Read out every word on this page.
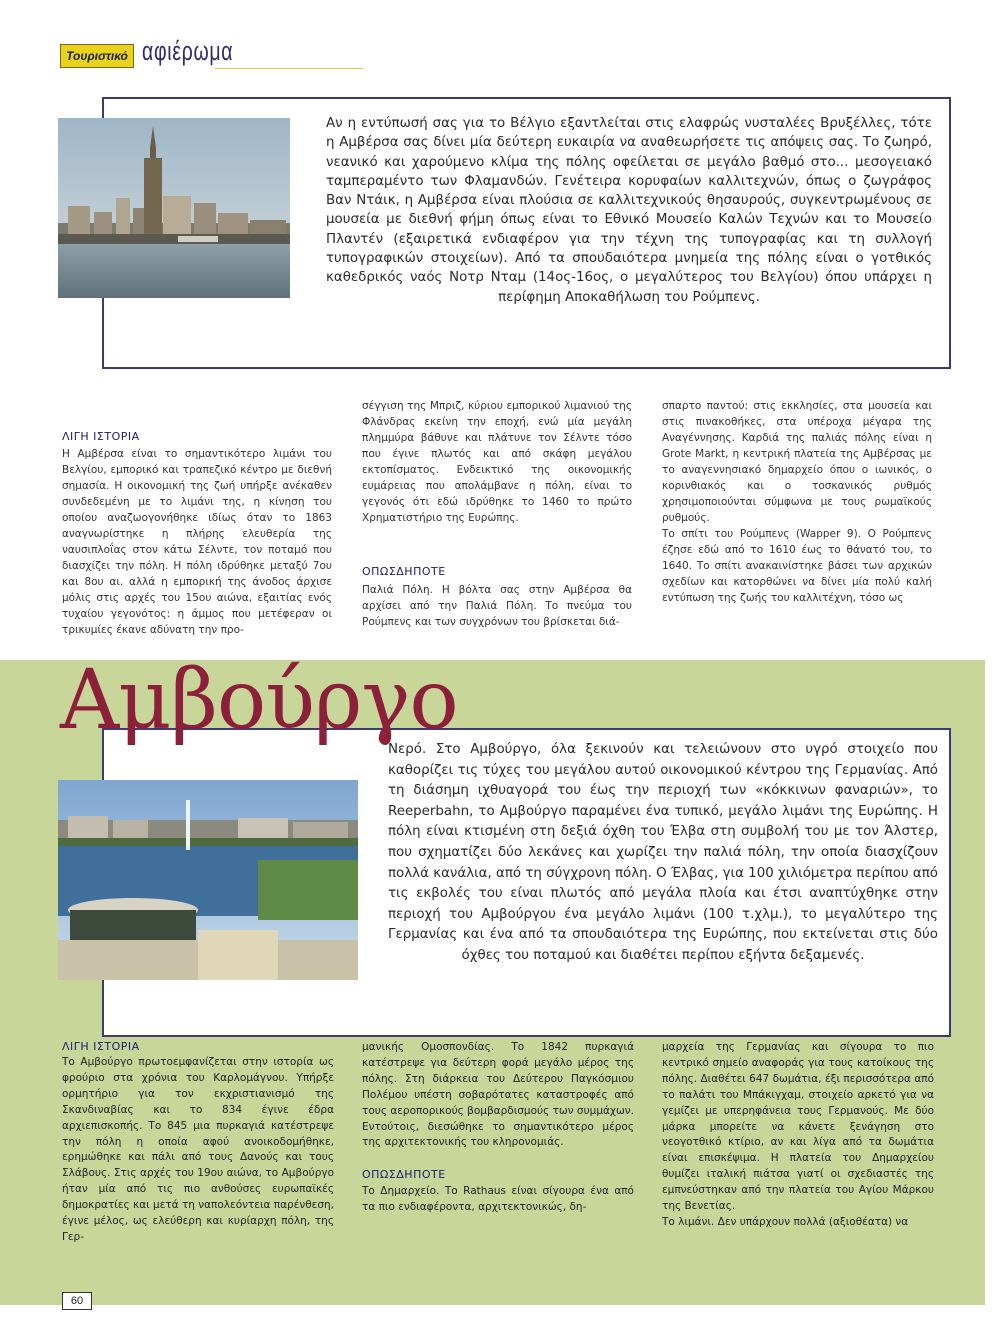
Τουριστικό αφιέρωμα
Αν η εντύπωσή σας για το Βέλγιο εξαντλείται στις ελαφρώς νυσταλέες Βρυξέλλες, τότε η Αμβέρσα σας δίνει μία δεύτερη ευκαιρία να αναθεωρήσετε τις απόψεις σας. Το ζωηρό, νεανικό και χαρούμενο κλίμα της πόλης οφείλεται σε μεγάλο βαθμό στο... μεσογειακό ταμπεραμέντο των Φλαμανδών. Γενέτειρα κορυφαίων καλλιτεχνών, όπως ο ζωγράφος Βαν Ντάικ, η Αμβέρσα είναι πλούσια σε καλλιτεχνικούς θησαυρούς, συγκεντρωμένους σε μουσεία με διεθνή φήμη όπως είναι το Εθνικό Μουσείο Καλών Τεχνών και το Μουσείο Πλαντέν (εξαιρετικά ενδιαφέρον για την τέχνη της τυπογραφίας και τη συλλογή τυπογραφικών στοιχείων). Από τα σπουδαιότερα μνημεία της πόλης είναι ο γοτθικός καθεδρικός ναός Νοτρ Νταμ (14ος-16ος, ο μεγαλύτερος του Βελγίου) όπου υπάρχει η περίφημη Αποκαθήλωση του Ρούμπενς.
ΛΙΓΗ ΙΣΤΟΡΙΑ
Η Αμβέρσα είναι το σημαντικότερο λιμάνι του Βελγίου, εμπορικό και τραπεζικό κέντρο με διεθνή σημασία. Η οικονομική της ζωή υπήρξε ανέκαθεν συνδεδεμένη με το λιμάνι της, η κίνηση του οποίου αναζωογονήθηκε ιδίως όταν το 1863 αναγνωρίστηκε η πλήρης ελευθερία της ναυσιπλοΐας στον κάτω Σέλντε, τον ποταμό που διασχίζει την πόλη. Η πόλη ιδρύθηκε μεταξύ 7ου και 8ου αι. αλλά η εμπορική της άνοδος άρχισε μόλις στις αρχές του 15ου αιώνα, εξαιτίας ενός τυχαίου γεγονότος: η άμμος που μετέφεραν οι τρικυμίες έκανε αδύνατη την προ-
σέγγιση της Μπριζ, κύριου εμπορικού λιμανιού της Φλάνδρας εκείνη την εποχή, ενώ μία μεγάλη πλημμύρα βάθυνε και πλάτυνε τον Σέλντε τόσο που έγινε πλωτός και από σκάφη μεγάλου εκτοπίσματος. Ενδεικτικό της οικονομικής ευμάρειας που απολάμβανε η πόλη, είναι το γεγονός ότι εδώ ιδρύθηκε το 1460 το πρώτο Χρηματιστήριο της Ευρώπης.
ΟΠΩΣΔΗΠΟΤΕ
Παλιά Πόλη. Η βόλτα σας στην Αμβέρσα θα αρχίσει από την Παλιά Πόλη. Το πνεύμα του Ρούμπενς και των συγχρόνων του βρίσκεται διά-
σπαρτο παντού: στις εκκλησίες, στα μουσεία και στις πινακοθήκες, στα υπέροχα μέγαρα της Αναγέννησης. Καρδιά της παλιάς πόλης είναι η Grote Markt, η κεντρική πλατεία της Αμβέρσας με το αναγεννησιακό δημαρχείο όπου ο ιωνικός, ο κορινθιακός και ο τοσκανικός ρυθμός χρησιμοποιούνται σύμφωνα με τους ρωμαϊκούς ρυθμούς.
Το σπίτι του Ρούμπενς (Wapper 9). Ο Ρούμπενς έζησε εδώ από το 1610 έως το θάνατό του, το 1640. Το σπίτι ανακαινίστηκε βάσει των αρχικών σχεδίων και κατορθώνει να δίνει μία πολύ καλή εντύπωση της ζωής του καλλιτέχνη, τόσο ως
Αμβούργο
Νερό. Στο Αμβούργο, όλα ξεκινούν και τελειώνουν στο υγρό στοιχείο που καθορίζει τις τύχες του μεγάλου αυτού οικονομικού κέντρου της Γερμανίας. Από τη διάσημη ιχθυαγορά του έως την περιοχή των «κόκκινων φαναριών», το Reeperbahn, το Αμβούργο παραμένει ένα τυπικό, μεγάλο λιμάνι της Ευρώπης. Η πόλη είναι κτισμένη στη δεξιά όχθη του Έλβα στη συμβολή του με τον Άλστερ, που σχηματίζει δύο λεκάνες και χωρίζει την παλιά πόλη, την οποία διασχίζουν πολλά κανάλια, από τη σύγχρονη πόλη. Ο Έλβας, για 100 χιλιόμετρα περίπου από τις εκβολές του είναι πλωτός από μεγάλα πλοία και έτσι αναπτύχθηκε στην περιοχή του Αμβούργου ένα μεγάλο λιμάνι (100 τ.χλμ.), το μεγαλύτερο της Γερμανίας και ένα από τα σπουδαιότερα της Ευρώπης, που εκτείνεται στις δύο όχθες του ποταμού και διαθέτει περίπου εξήντα δεξαμενές.
ΛΙΓΗ ΙΣΤΟΡΙΑ
Το Αμβούργο πρωτοεμφανίζεται στην ιστορία ως φρούριο στα χρόνια του Καρλομάγνου. Υπήρξε ορμητήριο για τον εκχριστιανισμό της Σκανδιναβίας και το 834 έγινε έδρα αρχιεπισκοπής. Το 845 μια πυρκαγιά κατέστρεψε την πόλη η οποία αφού ανοικοδομήθηκε, ερημώθηκε και πάλι από τους Δανούς και τους Σλάβους. Στις αρχές του 19ου αιώνα, το Αμβούργο ήταν μία από τις πιο ανθούσες ευρωπαϊκές δημοκρατίες και μετά τη ναπολεόντεια παρένθεση, έγινε μέλος, ως ελεύθερη και κυρίαρχη πόλη, της Γερ-
μανικής Ομοσπονδίας. Το 1842 πυρκαγιά κατέστρεψε για δεύτερη φορά μεγάλο μέρος της πόλης. Στη διάρκεια του Δεύτερου Παγκόσμιου Πολέμου υπέστη σοβαρότατες καταστροφές από τους αεροπορικούς βομβαρδισμούς των συμμάχων. Εντούτοις, διεσώθηκε το σημαντικότερο μέρος της αρχιτεκτονικής του κληρονομιάς.
ΟΠΩΣΔΗΠΟΤΕ
Το Δημαρχείο. Το Rathaus είναι σίγουρα ένα από τα πιο ενδιαφέροντα, αρχιτεκτονικώς, δη-
μαρχεία της Γερμανίας και σίγουρα το πιο κεντρικό σημείο αναφοράς για τους κατοίκους της πόλης. Διαθέτει 647 δωμάτια, έξι περισσότερα από το παλάτι του Μπάκιγχαμ, στοιχείο αρκετό για να γεμίζει με υπερηφάνεια τους Γερμανούς. Με δύο μάρκα μπορείτε να κάνετε ξενάγηση στο νεογοτθικό κτίριο, αν και λίγα από τα δωμάτια είναι επισκέψιμα. Η πλατεία του Δημαρχείου θυμίζει ιταλική πιάτσα γιατί οι σχεδιαστές της εμπνεύστηκαν από την πλατεία του Αγίου Μάρκου της Βενετίας.
Το λιμάνι. Δεν υπάρχουν πολλά (αξιοθέατα) να
60
